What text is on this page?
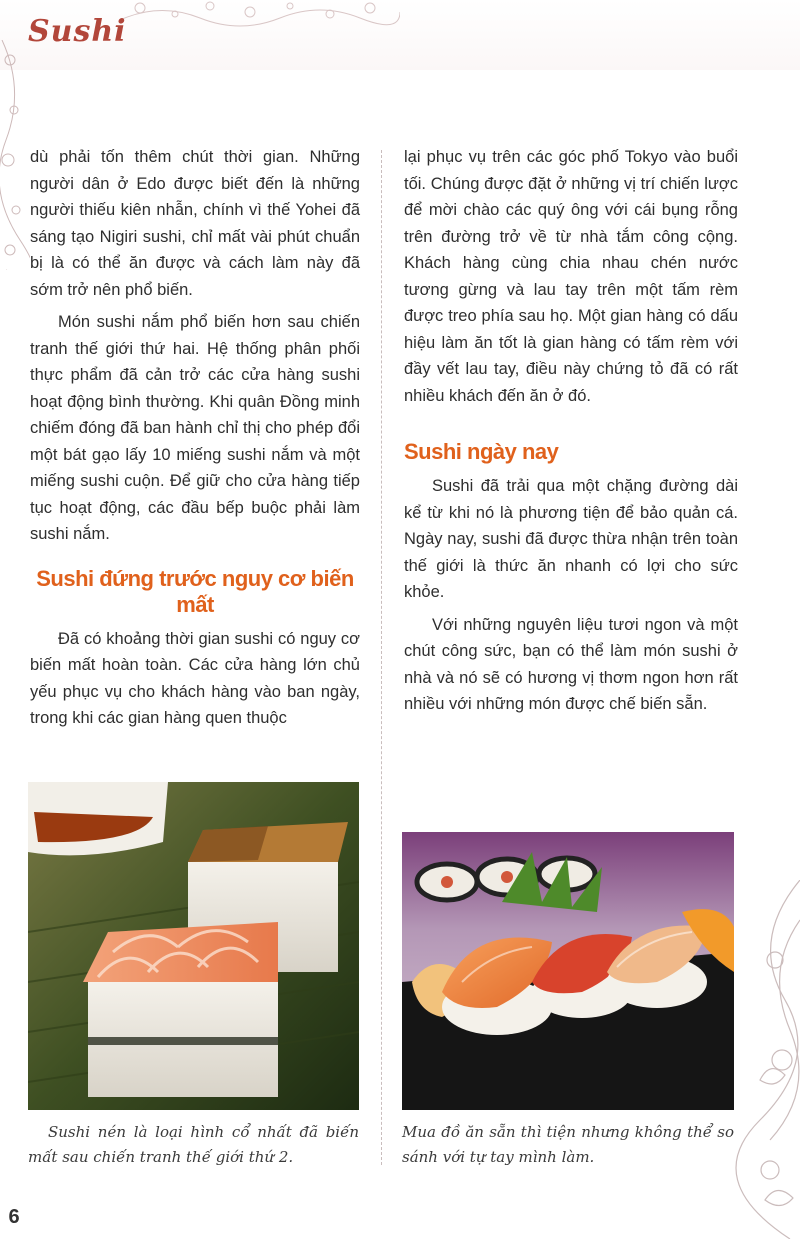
Sushi

dù phải tốn thêm chút thời gian. Những người dân ở Edo được biết đến là những người thiếu kiên nhẫn, chính vì thế Yohei đã sáng tạo Nigiri sushi, chỉ mất vài phút chuẩn bị là có thể ăn được và cách làm này đã sớm trở nên phổ biến.

Món sushi nắm phổ biến hơn sau chiến tranh thế giới thứ hai. Hệ thống phân phối thực phẩm đã cản trở các cửa hàng sushi hoạt động bình thường. Khi quân Đồng minh chiếm đóng đã ban hành chỉ thị cho phép đổi một bát gạo lấy 10 miếng sushi nắm và một miếng sushi cuộn. Để giữ cho cửa hàng tiếp tục hoạt động, các đầu bếp buộc phải làm sushi nắm.

Sushi đứng trước nguy cơ biến mất

Đã có khoảng thời gian sushi có nguy cơ biến mất hoàn toàn. Các cửa hàng lớn chủ yếu phục vụ cho khách hàng vào ban ngày, trong khi các gian hàng quen thuộc

lại phục vụ trên các góc phố Tokyo vào buổi tối. Chúng được đặt ở những vị trí chiến lược để mời chào các quý ông với cái bụng rỗng trên đường trở về từ nhà tắm công cộng. Khách hàng cùng chia nhau chén nước tương gừng và lau tay trên một tấm rèm được treo phía sau họ. Một gian hàng có dấu hiệu làm ăn tốt là gian hàng có tấm rèm với đầy vết lau tay, điều này chứng tỏ đã có rất nhiều khách đến ăn ở đó.

Sushi ngày nay

Sushi đã trải qua một chặng đường dài kể từ khi nó là phương tiện để bảo quản cá. Ngày nay, sushi đã được thừa nhận trên toàn thế giới là thức ăn nhanh có lợi cho sức khỏe.

Với những nguyên liệu tươi ngon và một chút công sức, bạn có thể làm món sushi ở nhà và nó sẽ có hương vị thơm ngon hơn rất nhiều với những món được chế biến sẵn.

Sushi nén là loại hình cổ nhất đã biến mất sau chiến tranh thế giới thứ 2.
Mua đồ ăn sẵn thì tiện nhưng không thể so sánh với tự tay mình làm.
6
